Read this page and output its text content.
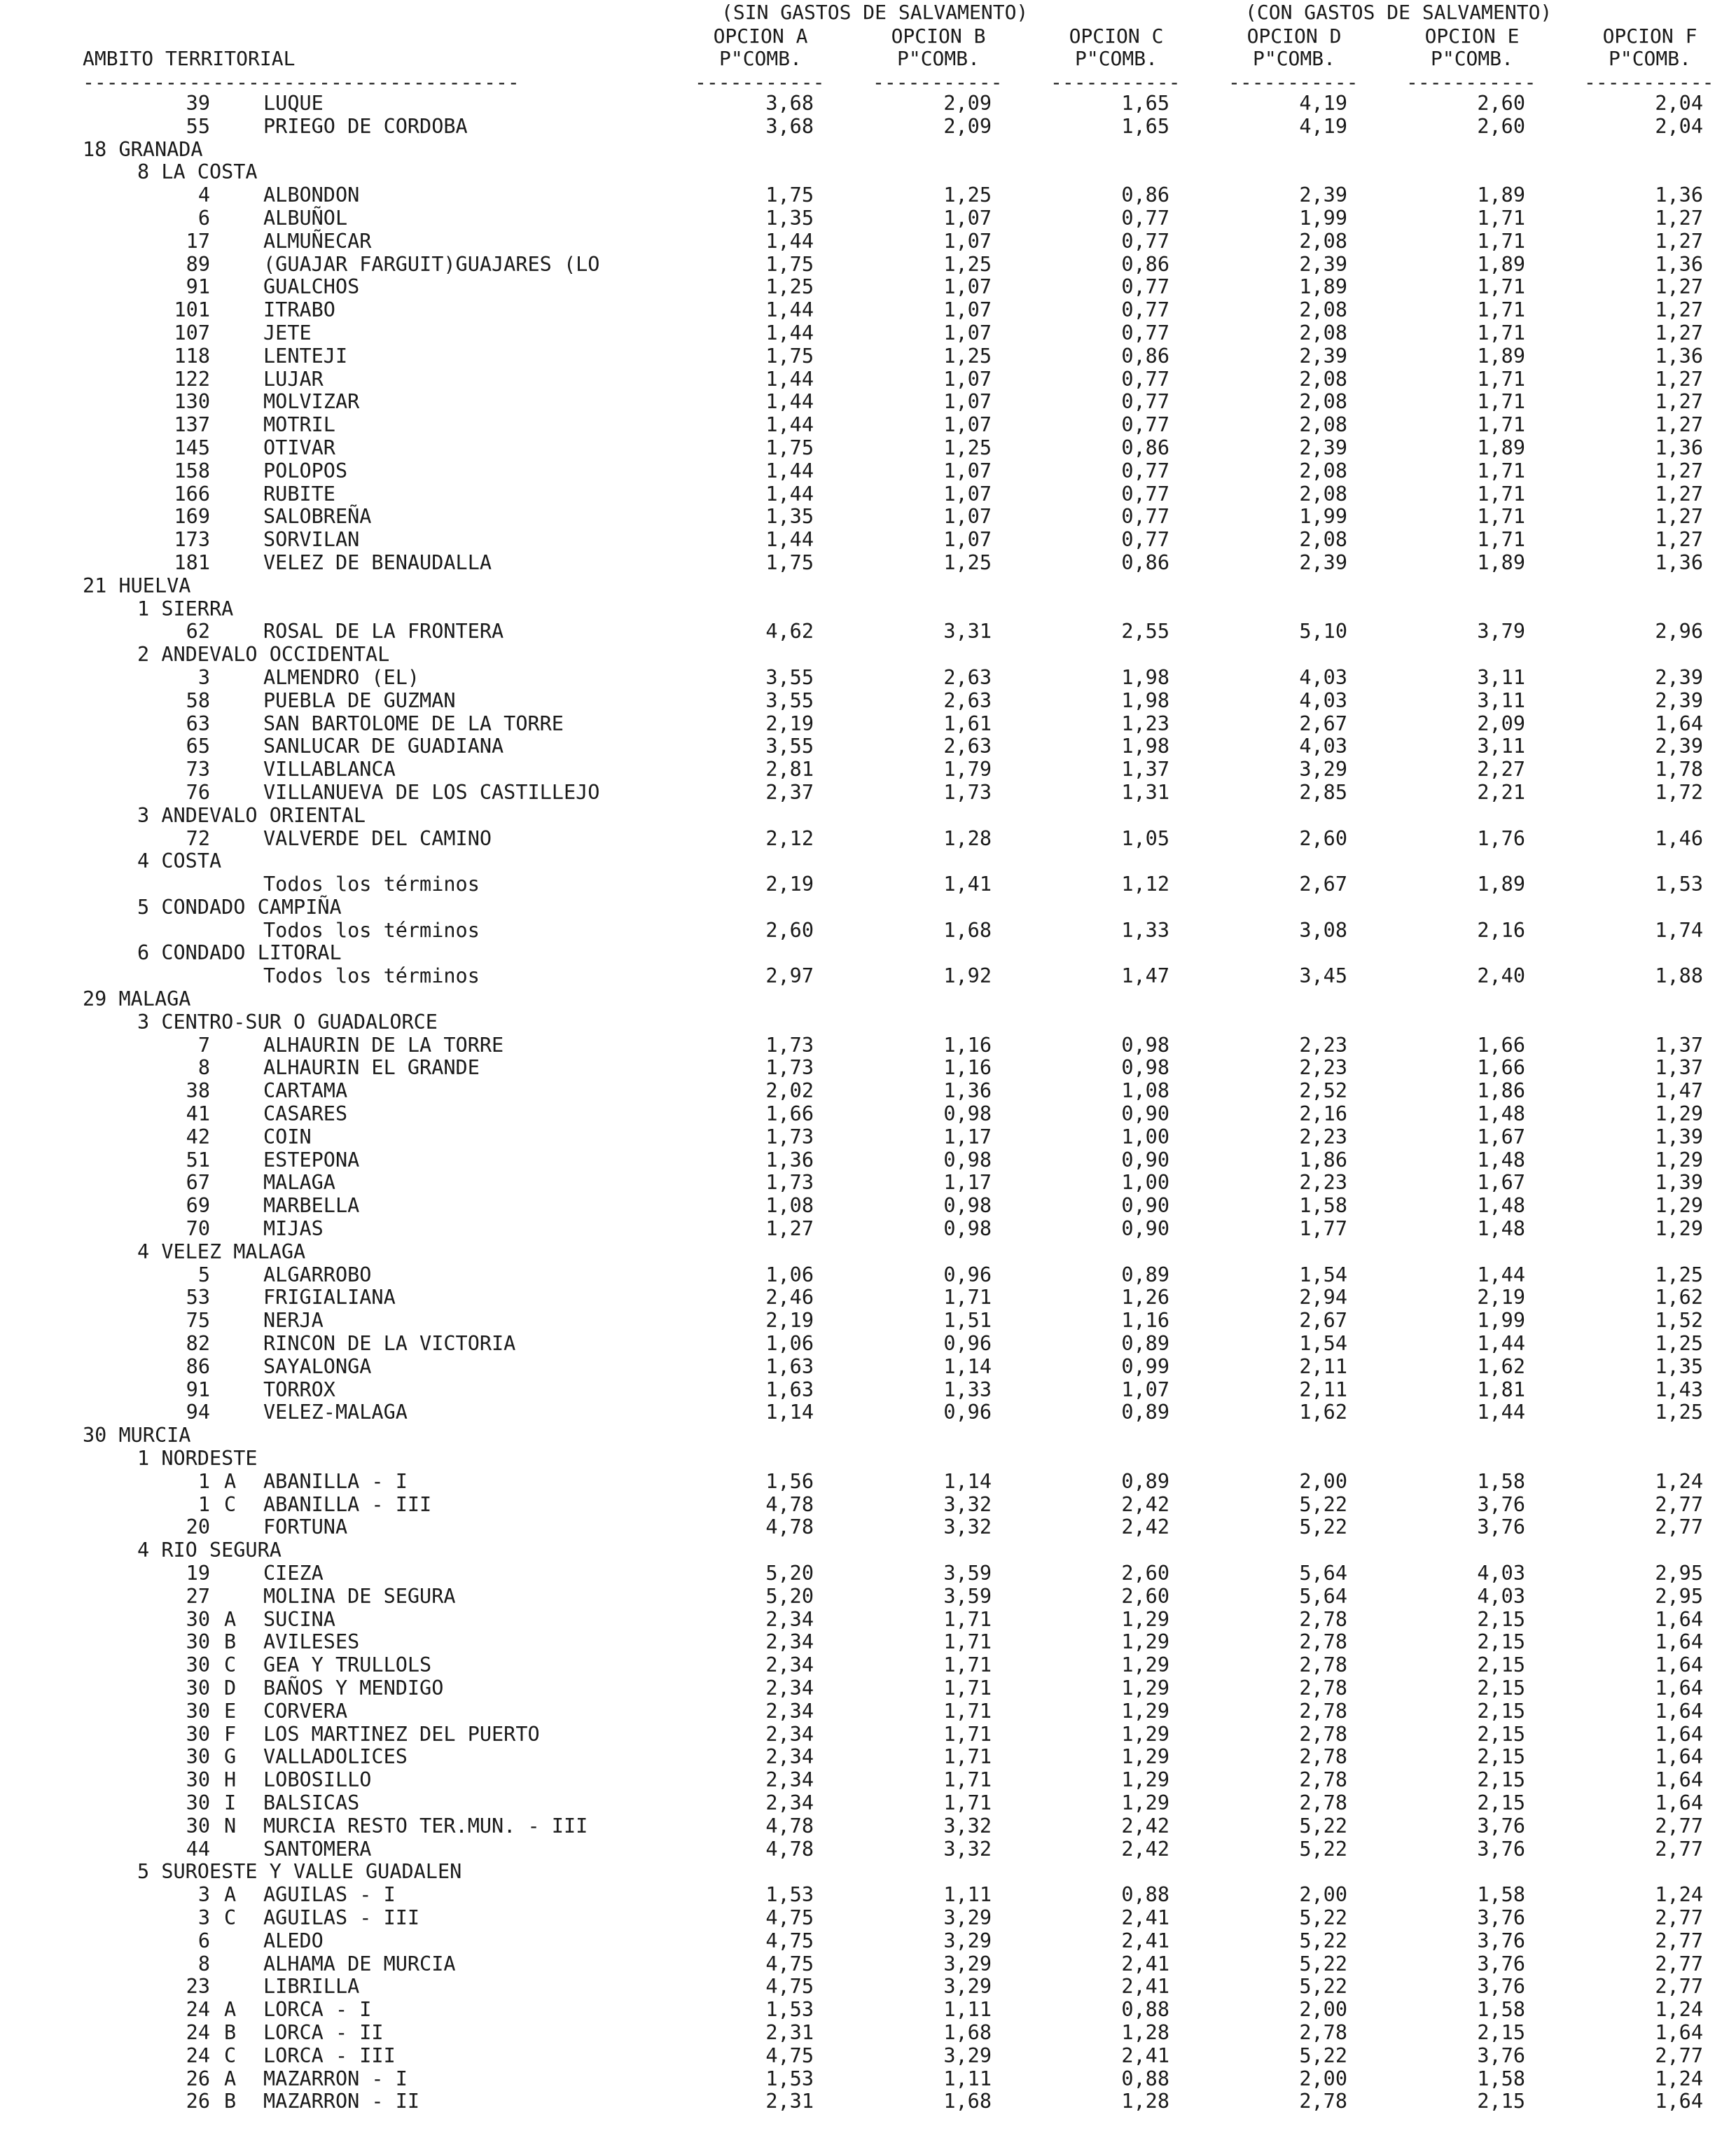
(SIN GASTOS DE SALVAMENTO)	(CON GASTOS DE SALVAMENTO)
OPCION A	OPCION B	OPCION C	OPCION D	OPCION E	OPCION F
AMBITO TERRITORIAL	P"COMB.	P"COMB.	P"COMB.	P"COMB.	P"COMB.	P"COMB.
-------------------------------------	----------- ----------- ----------- ----------- ----------- -----------
39	LUQUE	3,68	2,09	1,65	4,19	2,60	2,04
55	PRIEGO DE CORDOBA	3,68	2,09	1,65	4,19	2,60	2,04
18 GRANADA
8 LA COSTA
4	ALBONDON	1,75	1,25	0,86	2,39	1,89	1,36
6	ALBUÑOL	1,35	1,07	0,77	1,99	1,71	1,27
17	ALMUÑECAR	1,44	1,07	0,77	2,08	1,71	1,27
89	(GUAJAR FARGUIT)GUAJARES (LO	1,75	1,25	0,86	2,39	1,89	1,36
91	GUALCHOS	1,25	1,07	0,77	1,89	1,71	1,27
101	ITRABO	1,44	1,07	0,77	2,08	1,71	1,27
107	JETE	1,44	1,07	0,77	2,08	1,71	1,27
118	LENTEJI	1,75	1,25	0,86	2,39	1,89	1,36
122	LUJAR	1,44	1,07	0,77	2,08	1,71	1,27
130	MOLVIZAR	1,44	1,07	0,77	2,08	1,71	1,27
137	MOTRIL	1,44	1,07	0,77	2,08	1,71	1,27
145	OTIVAR	1,75	1,25	0,86	2,39	1,89	1,36
158	POLOPOS	1,44	1,07	0,77	2,08	1,71	1,27
166	RUBITE	1,44	1,07	0,77	2,08	1,71	1,27
169	SALOBREÑA	1,35	1,07	0,77	1,99	1,71	1,27
173	SORVILAN	1,44	1,07	0,77	2,08	1,71	1,27
181	VELEZ DE BENAUDALLA	1,75	1,25	0,86	2,39	1,89	1,36
21 HUELVA
1 SIERRA
62	ROSAL DE LA FRONTERA	4,62	3,31	2,55	5,10	3,79	2,96
2 ANDEVALO OCCIDENTAL
3	ALMENDRO (EL)	3,55	2,63	1,98	4,03	3,11	2,39
58	PUEBLA DE GUZMAN	3,55	2,63	1,98	4,03	3,11	2,39
63	SAN BARTOLOME DE LA TORRE	2,19	1,61	1,23	2,67	2,09	1,64
65	SANLUCAR DE GUADIANA	3,55	2,63	1,98	4,03	3,11	2,39
73	VILLABLANCA	2,81	1,79	1,37	3,29	2,27	1,78
76	VILLANUEVA DE LOS CASTILLEJO	2,37	1,73	1,31	2,85	2,21	1,72
3 ANDEVALO ORIENTAL
72	VALVERDE DEL CAMINO	2,12	1,28	1,05	2,60	1,76	1,46
4 COSTA
Todos los términos	2,19	1,41	1,12	2,67	1,89	1,53
5 CONDADO CAMPIÑA
Todos los términos	2,60	1,68	1,33	3,08	2,16	1,74
6 CONDADO LITORAL
Todos los términos	2,97	1,92	1,47	3,45	2,40	1,88
29 MALAGA
3 CENTRO-SUR O GUADALORCE
7	ALHAURIN DE LA TORRE	1,73	1,16	0,98	2,23	1,66	1,37
8	ALHAURIN EL GRANDE	1,73	1,16	0,98	2,23	1,66	1,37
38	CARTAMA	2,02	1,36	1,08	2,52	1,86	1,47
41	CASARES	1,66	0,98	0,90	2,16	1,48	1,29
42	COIN	1,73	1,17	1,00	2,23	1,67	1,39
51	ESTEPONA	1,36	0,98	0,90	1,86	1,48	1,29
67	MALAGA	1,73	1,17	1,00	2,23	1,67	1,39
69	MARBELLA	1,08	0,98	0,90	1,58	1,48	1,29
70	MIJAS	1,27	0,98	0,90	1,77	1,48	1,29
4 VELEZ MALAGA
5	ALGARROBO	1,06	0,96	0,89	1,54	1,44	1,25
53	FRIGIALIANA	2,46	1,71	1,26	2,94	2,19	1,62
75	NERJA	2,19	1,51	1,16	2,67	1,99	1,52
82	RINCON DE LA VICTORIA	1,06	0,96	0,89	1,54	1,44	1,25
86	SAYALONGA	1,63	1,14	0,99	2,11	1,62	1,35
91	TORROX	1,63	1,33	1,07	2,11	1,81	1,43
94	VELEZ-MALAGA	1,14	0,96	0,89	1,62	1,44	1,25
30 MURCIA
1 NORDESTE
1 A ABANILLA - I	1,56	1,14	0,89	2,00	1,58	1,24
1 C ABANILLA - III	4,78	3,32	2,42	5,22	3,76	2,77
20	FORTUNA	4,78	3,32	2,42	5,22	3,76	2,77
4 RIO SEGURA
19	CIEZA	5,20	3,59	2,60	5,64	4,03	2,95
27	MOLINA DE SEGURA	5,20	3,59	2,60	5,64	4,03	2,95
30 A SUCINA	2,34	1,71	1,29	2,78	2,15	1,64
30 B AVILESES	2,34	1,71	1,29	2,78	2,15	1,64
30 C GEA Y TRULLOLS	2,34	1,71	1,29	2,78	2,15	1,64
30 D BAÑOS Y MENDIGO	2,34	1,71	1,29	2,78	2,15	1,64
30 E CORVERA	2,34	1,71	1,29	2,78	2,15	1,64
30 F LOS MARTINEZ DEL PUERTO	2,34	1,71	1,29	2,78	2,15	1,64
30 G VALLADOLICES	2,34	1,71	1,29	2,78	2,15	1,64
30 H LOBOSILLO	2,34	1,71	1,29	2,78	2,15	1,64
30 I BALSICAS	2,34	1,71	1,29	2,78	2,15	1,64
30 N MURCIA RESTO TER.MUN. - III	4,78	3,32	2,42	5,22	3,76	2,77
44	SANTOMERA	4,78	3,32	2,42	5,22	3,76	2,77
5 SUROESTE Y VALLE GUADALEN
3 A AGUILAS - I	1,53	1,11	0,88	2,00	1,58	1,24
3 C AGUILAS - III	4,75	3,29	2,41	5,22	3,76	2,77
6	ALEDO	4,75	3,29	2,41	5,22	3,76	2,77
8	ALHAMA DE MURCIA	4,75	3,29	2,41	5,22	3,76	2,77
23	LIBRILLA	4,75	3,29	2,41	5,22	3,76	2,77
24 A LORCA - I	1,53	1,11	0,88	2,00	1,58	1,24
24 B LORCA - II	2,31	1,68	1,28	2,78	2,15	1,64
24 C LORCA - III	4,75	3,29	2,41	5,22	3,76	2,77
26 A MAZARRON - I	1,53	1,11	0,88	2,00	1,58	1,24
26 B MAZARRON - II	2,31	1,68	1,28	2,78	2,15	1,64
